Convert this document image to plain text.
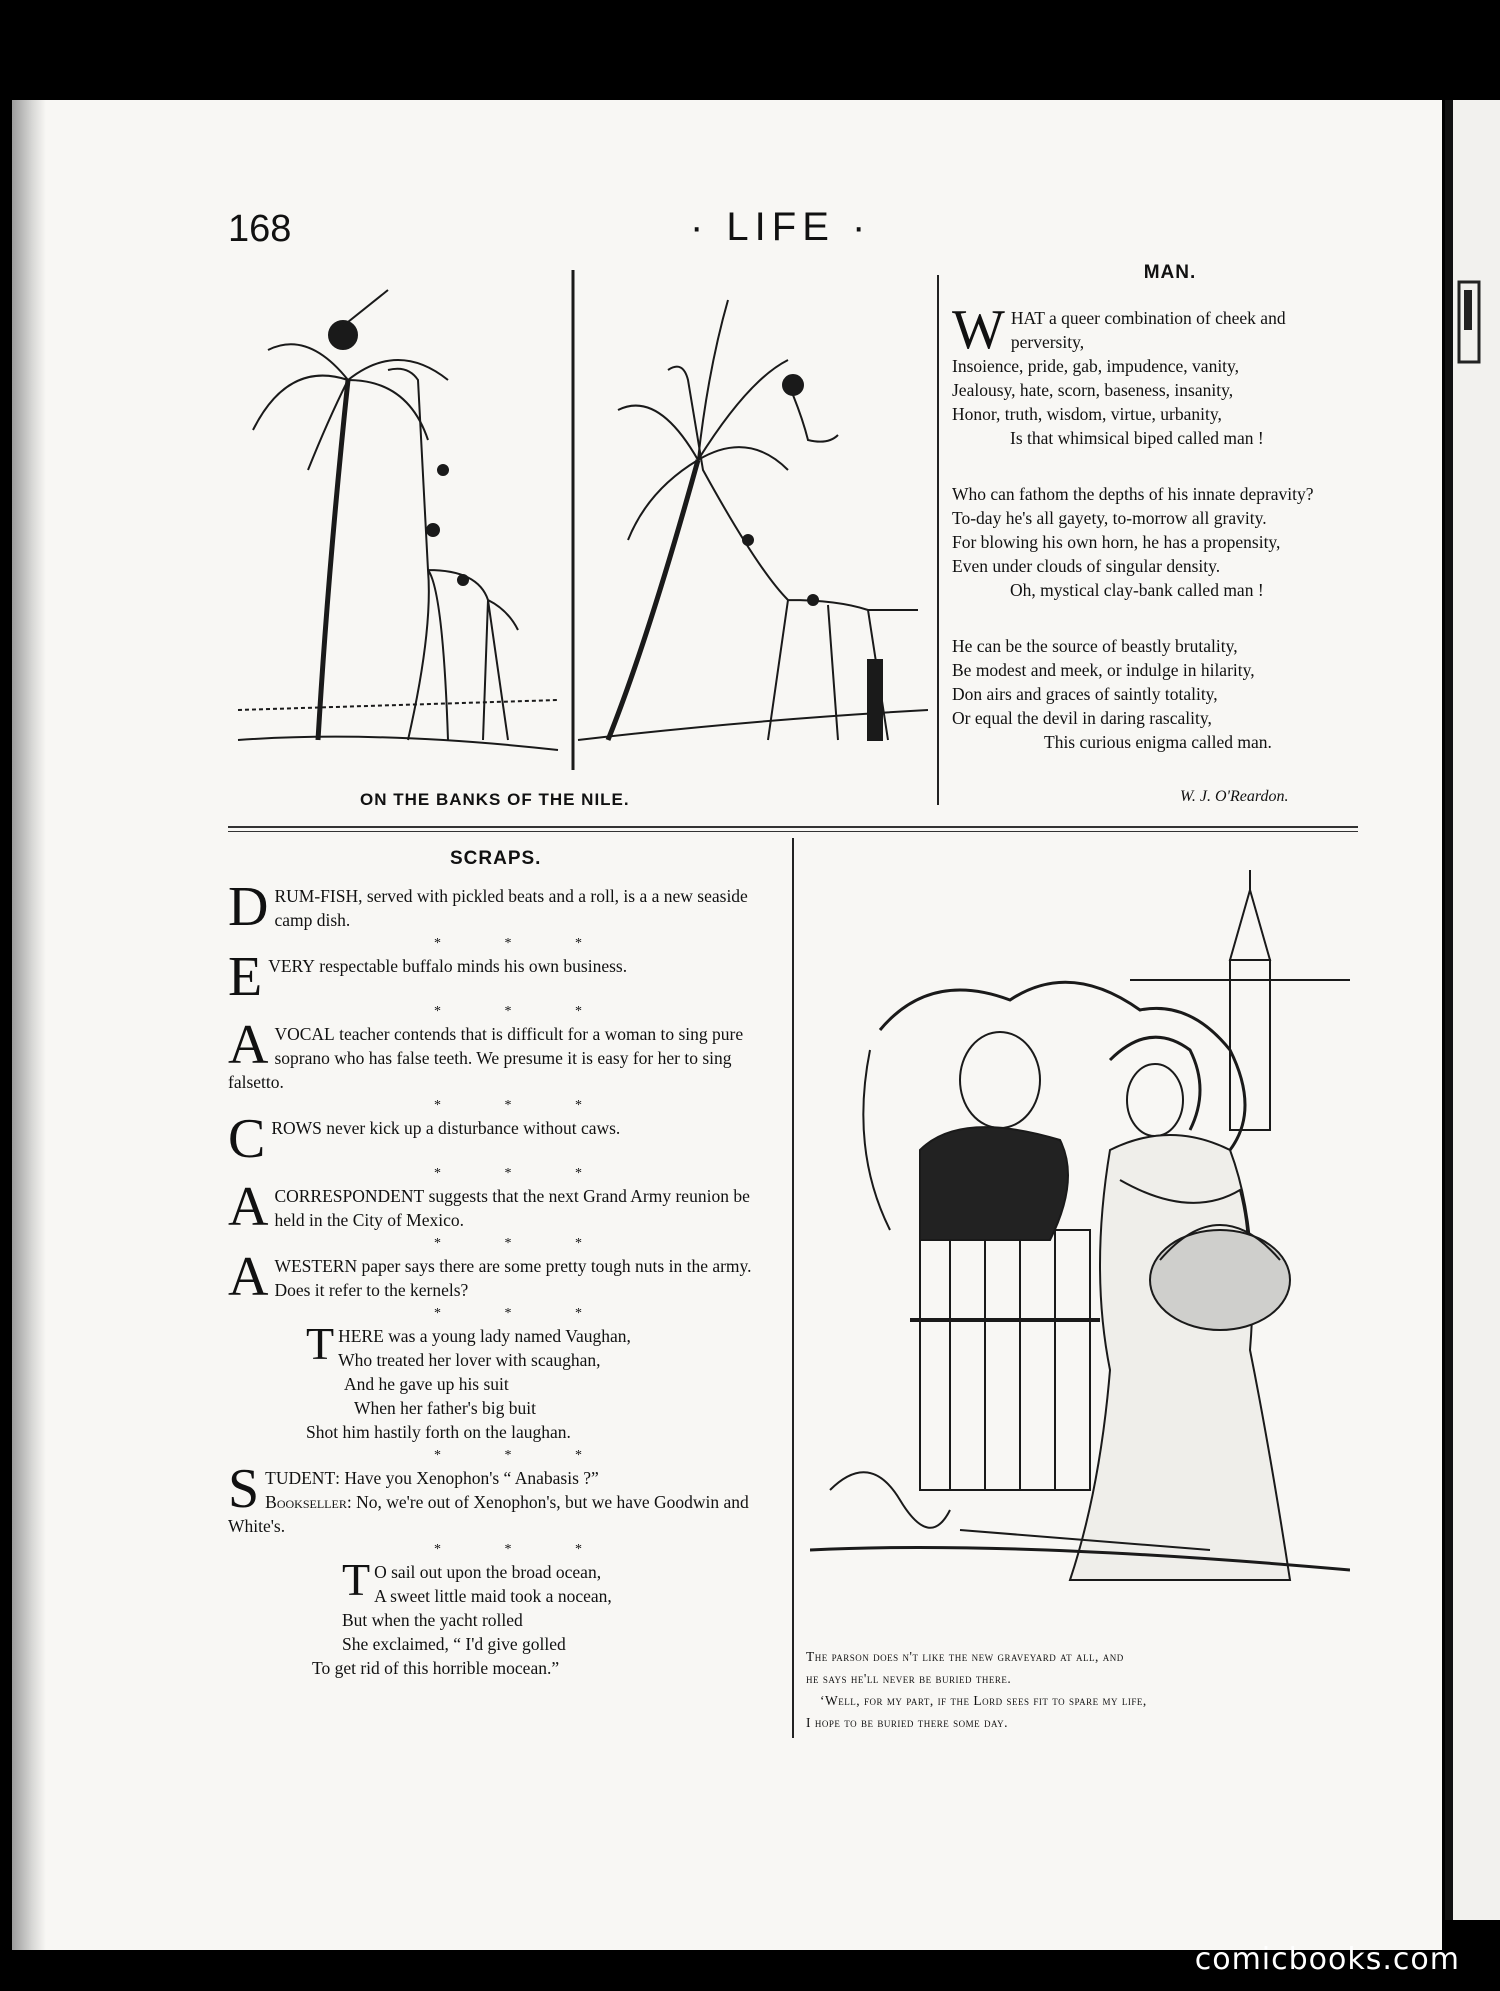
168	· LIFE ·
ON THE BANKS OF THE NILE.
MAN.
W HAT a queer combination of cheek and
perversity,
Insoience, pride, gab, impudence, vanity,
Jealousy, hate, scorn, baseness, insanity,
Honor, truth, wisdom, virtue, urbanity,
Is that whimsical biped called man !
Who can fathom the depths of his innate depravity?
To-day he's all gayety, to-morrow all gravity.
For blowing his own horn, he has a propensity,
Even under clouds of singular density.
Oh, mystical clay-bank called man !
He can be the source of beastly brutality,
Be modest and meek, or indulge in hilarity,
Don airs and graces of saintly totality,
Or equal the devil in daring rascality,
This curious enigma called man.
W. J. O'Reardon.
SCRAPS.

DRUM-FISH, served with pickled beats and a roll, is a a new seaside camp dish.

* * *

EVERY respectable buffalo minds his own business.

* * *

AVOCAL teacher contends that is difficult for a woman to sing pure soprano who has false teeth. We presume it is easy for her to sing falsetto.

* * *

CROWS never kick up a disturbance without caws.

* * *

ACORRESPONDENT suggests that the next Grand Army reunion be held in the City of Mexico.

* * *

AWESTERN paper says there are some pretty tough nuts in the army. Does it refer to the kernels?

* * *
T HERE was a young lady named Vaughan,
Who treated her lover with scaughan,
And he gave up his suit
When her father's big buit
Shot him hastily forth on the laughan.
* * *

STUDENT: Have you Xenophon's “ Anabasis ?”
Bookseller: No, we're out of Xenophon's, but we have Goodwin and White's.

* * *
T O sail out upon the broad ocean,
A sweet little maid took a nocean,
But when the yacht rolled
She exclaimed, “ I'd give golled
To get rid of this horrible mocean.”
The parson does n't like the new graveyard at all, and
he says he'll never be buried there.
‘Well, for my part, if the Lord sees fit to spare my life,
I hope to be buried there some day.
comicbooks.com
